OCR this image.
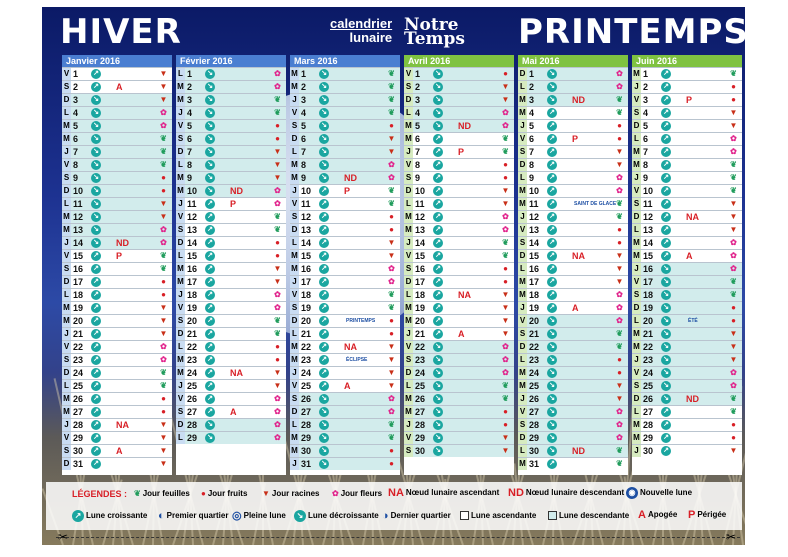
HIVER	PRINTEMPS
calendrier
lunaire
Notre Temps
Janvier 2016
V 1	↗	▼
S 2	↗ A	▼
D 3	↘	▼
L 4	↘	✿
M 5	↘	✿
M 6	↘	❦
J 7	↘	❦
V 8	↘	❦
S 9	↘	●
D 10	↘	●
L 11	↘	▼
M 12	↘	▼
M 13	↘	✿
J 14	↘ ND	✿
V 15	↗ P	❦
S 16	↗	❦
D 17	↗	●
L 18	↗	●
M 19	↗	▼
M 20	↗	▼
J 21	↗	▼
V 22	↗	✿
S 23	↗	✿
D 24	↗	❦
L 25	↗	❦
M 26	↗	●
M 27	↗	●
J 28	↗ NA	▼
V 29	↗	▼
S 30	↗ A	▼
D 31	↗	▼
Février 2016
L 1	↘	✿
M 2	↘	✿
M 3	↘	❦
J 4	↘	❦
V 5	↘	●
S 6	↘	●
D 7	↘	▼
L 8	↘	▼
M 9	↘	▼
M 10	↘ ND	✿
J 11	↗ P	✿
V 12	↗	❦
S 13	↗	❦
D 14	↗	●
L 15	↗	●
M 16	↗	▼
M 17	↗	▼
J 18	↗	✿
V 19	↗	✿
S 20	↗	❦
D 21	↗	❦
L 22	↗	●
M 23	↗	●
M 24	↗ NA	▼
J 25	↗	▼
V 26	↗	✿
S 27	↗ A	✿
D 28	↘	✿
L 29	↘	✿
Mars 2016
M 1	↘	❦
M 2	↘	❦
J 3	↘	❦
V 4	↘	❦
S 5	↘	●
D 6	↘	▼
L 7	↘	▼
M 8	↘	✿
M 9	↘ ND	✿
J 10	↗ P	❦
V 11	↗	❦
S 12	↗	●
D 13	↗	●
L 14	↗	▼
M 15	↗	▼
M 16	↗	✿
J 17	↗	✿
V 18	↗	❦
S 19	↗	❦
D 20	↗	PRINTEMPS ●
L 21	↗	●
M 22	↗ NA	▼
M 23	↗	ÉCLIPSE	▼
J 24	↗	▼
V 25	↗ A	▼
S 26	↘	✿
D 27	↘	✿
L 28	↘	❦
M 29	↘	❦
M 30	↘	●
J 31	↘	●
Avril 2016
V 1	↘	●
S 2	↘	▼
D 3	↘	▼
L 4	↘	✿
M 5	↘ ND	✿
M 6	↗	❦
J 7	↗ P	❦
V 8	↗	●
S 9	↗	●
D 10	↗	▼
L 11	↗	▼
M 12	↗	✿
M 13	↗	✿
J 14	↗	❦
V 15	↗	❦
S 16	↗	●
D 17	↗	●
L 18	↗ NA	▼
M 19	↗	▼
M 20	↗	▼
J 21	↗ A	▼
V 22	↘	✿
S 23	↘	✿
D 24	↘	✿
L 25	↘	❦
M 26	↘	❦
M 27	↘	●
J 28	↘	●
V 29	↘	▼
S 30	↘	▼
Mai 2016
D 1	↘	✿
L 2	↘	✿
M 3	↘ ND	❦
M 4	↗	❦
J 5	↗	●
V 6	↗ P	●
S 7	↗	▼
D 8	↗	▼
L 9	↗	✿
M 10	↗	✿
M 11	↗	SAINT DE GLACE ❦
J 12	↗	❦
V 13	↗	●
S 14	↗	●
D 15	↗ NA	▼
L 16	↗	▼
M 17	↗	▼
M 18	↗	✿
J 19	↗ A	✿
V 20	↘	✿
S 21	↘	❦
D 22	↘	❦
L 23	↘	●
M 24	↘	●
M 25	↘	▼
J 26	↘	▼
V 27	↘	✿
S 28	↘	✿
D 29	↘	✿
L 30	↘ ND	❦
M 31	↗	❦
Juin 2016
M 1	↗	❦
J 2	↗	●
V 3	↗ P	●
S 4	↗	▼
D 5	↗	▼
L 6	↗	✿
M 7	↗	✿
M 8	↗	❦
J 9	↗	❦
V 10	↗	❦
S 11	↗	▼
D 12	↗ NA	▼
L 13	↗	▼
M 14	↗	✿
M 15	↗ A	✿
J 16	↘	✿
V 17	↘	❦
S 18	↘	❦
D 19	↘	●
L 20	↘	ÉTÉ	●
M 21	↘	▼
M 22	↘	▼
J 23	↘	▼
V 24	↘	✿
S 25	↘	✿
D 26	↘ ND	❦
L 27	↗	❦
M 28	↗	●
M 29	↗	●
J 30	↗	▼
LÉGENDES : ❦ Jour feuilles ● Jour fruits ▼ Jour racines ✿ Jour fleurs NA Nœud lunaire ascendant ND Nœud lunaire descendant ◉ Nouvelle lune
↗ Lune croissante ◐ Premier quartier ◎ Pleine lune	↘ Lune décroissante ◑ Dernier quartier	Lune ascendante	Lune descendante A Apogée P Périgée
✂	✂
